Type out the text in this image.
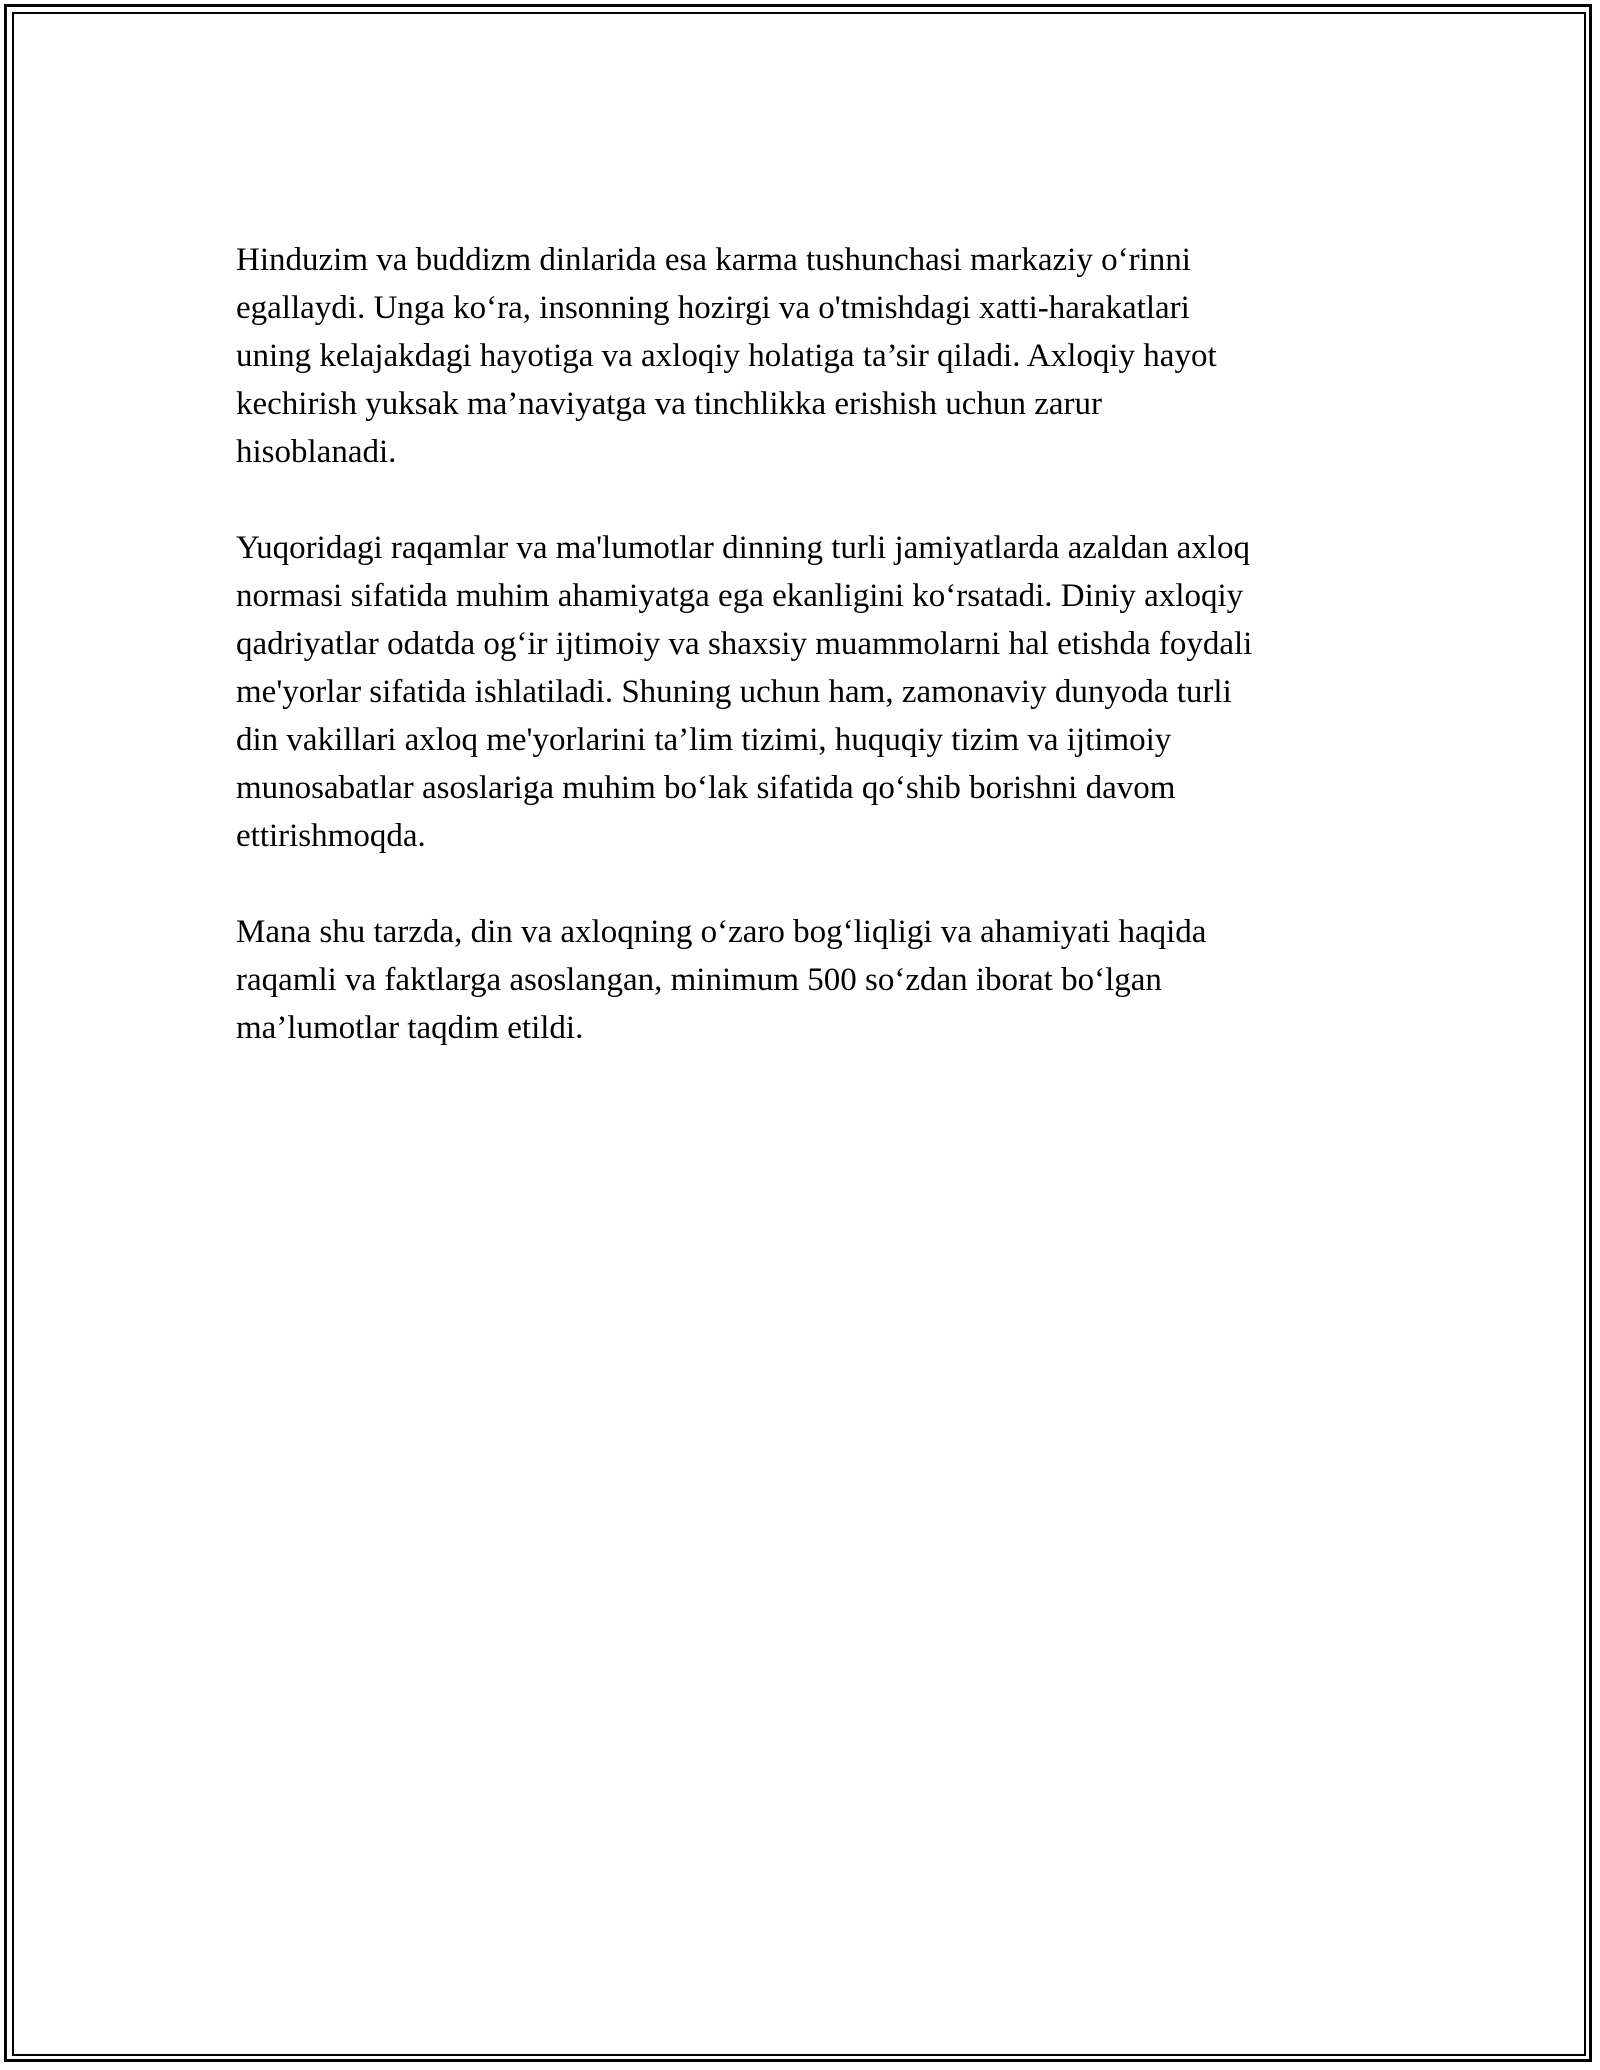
Hinduzim va buddizm dinlarida esa karma tushunchasi markaziy o‘rinni
egallaydi. Unga ko‘ra, insonning hozirgi va o'tmishdagi xatti-harakatlari
uning kelajakdagi hayotiga va axloqiy holatiga ta’sir qiladi. Axloqiy hayot
kechirish yuksak ma’naviyatga va tinchlikka erishish uchun zarur
hisoblanadi.

Yuqoridagi raqamlar va ma'lumotlar dinning turli jamiyatlarda azaldan axloq
normasi sifatida muhim ahamiyatga ega ekanligini ko‘rsatadi. Diniy axloqiy
qadriyatlar odatda og‘ir ijtimoiy va shaxsiy muammolarni hal etishda foydali
me'yorlar sifatida ishlatiladi. Shuning uchun ham, zamonaviy dunyoda turli
din vakillari axloq me'yorlarini ta’lim tizimi, huquqiy tizim va ijtimoiy
munosabatlar asoslariga muhim bo‘lak sifatida qo‘shib borishni davom
ettirishmoqda.

Mana shu tarzda, din va axloqning o‘zaro bog‘liqligi va ahamiyati haqida
raqamli va faktlarga asoslangan, minimum 500 so‘zdan iborat bo‘lgan
ma’lumotlar taqdim etildi.
